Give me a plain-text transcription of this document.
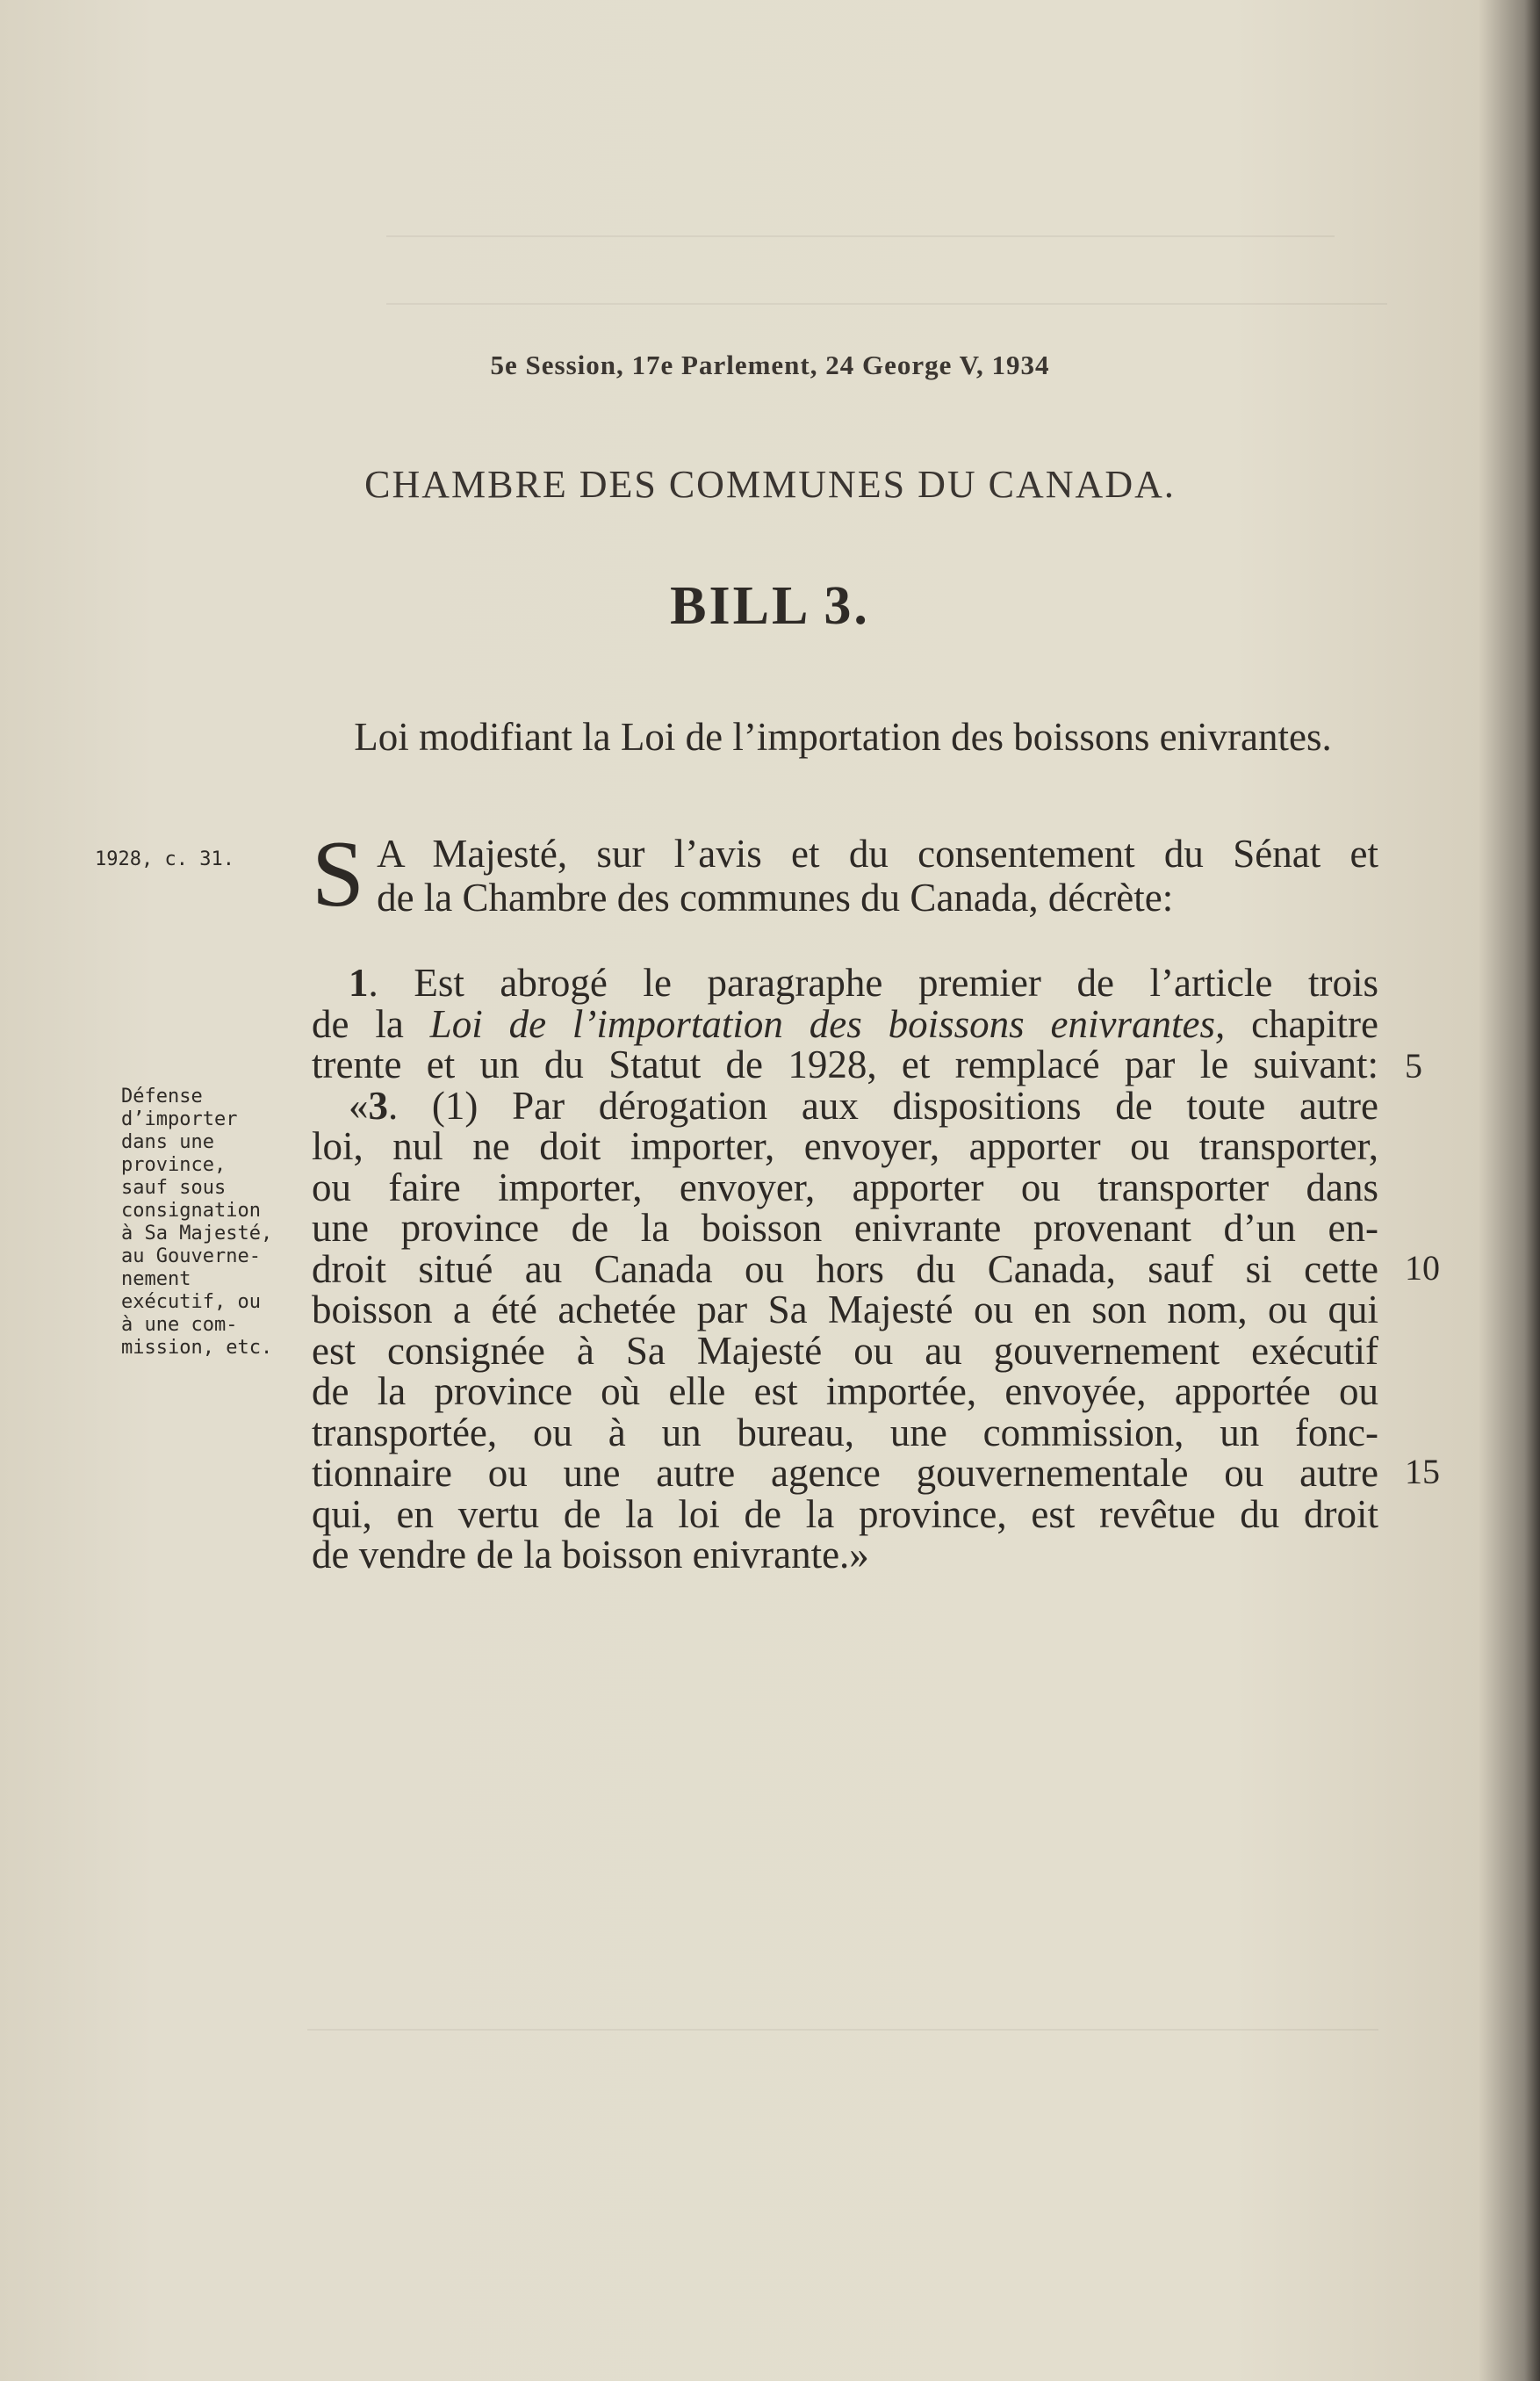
5e Session, 17e Parlement, 24 George V, 1934
CHAMBRE DES COMMUNES DU CANADA.
BILL 3.
Loi modifiant la Loi de l’importation des boissons enivrantes.
1928, c. 31.
Défense
d’importer
dans une
province,
sauf sous
consignation
à Sa Majesté,
au Gouverne-
nement
exécutif, ou
à une com-
mission, etc.
S A Majesté, sur l’avis et du consentement du Sénat et
de la Chambre des communes du Canada, décrète:
1. Est abrogé le paragraphe premier de l’article trois
de la Loi de l’importation des boissons enivrantes, chapitre
trente et un du Statut de 1928, et remplacé par le suivant:
«3. (1) Par dérogation aux dispositions de toute autre
loi, nul ne doit importer, envoyer, apporter ou transporter,
ou faire importer, envoyer, apporter ou transporter dans
une province de la boisson enivrante provenant d’un en-
droit situé au Canada ou hors du Canada, sauf si cette
boisson a été achetée par Sa Majesté ou en son nom, ou qui
est consignée à Sa Majesté ou au gouvernement exécutif
de la province où elle est importée, envoyée, apportée ou
transportée, ou à un bureau, une commission, un fonc-
tionnaire ou une autre agence gouvernementale ou autre
qui, en vertu de la loi de la province, est revêtue du droit
de vendre de la boisson enivrante.»
5
10
15
